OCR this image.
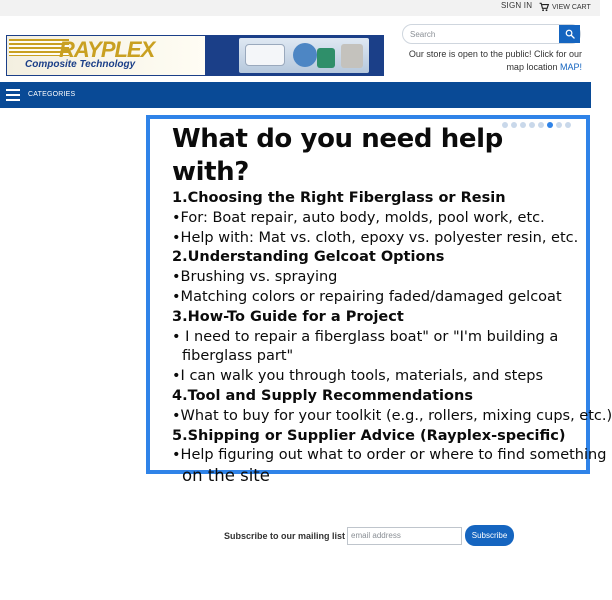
SIGN IN	VIEW CART
RAYPLEX
Composite Technology
Search
Our store is open to the public! Click for our map location MAP!
CATEGORIES
What do you need help with?
1.Choosing the Right Fiberglass or Resin
•For: Boat repair, auto body, molds, pool work, etc.
•Help with: Mat vs. cloth, epoxy vs. polyester resin, etc.
2.Understanding Gelcoat Options
•Brushing vs. spraying
•Matching colors or repairing faded/damaged gelcoat
3.How-To Guide for a Project
• I need to repair a fiberglass boat" or "I'm building a
fiberglass part"
•I can walk you through tools, materials, and steps
4.Tool and Supply Recommendations
•What to buy for your toolkit (e.g., rollers, mixing cups, etc.)
5.Shipping or Supplier Advice (Rayplex-specific)
•Help figuring out what to order or where to find something
on the site
Subscribe to our mailing list
email address	Subscribe
